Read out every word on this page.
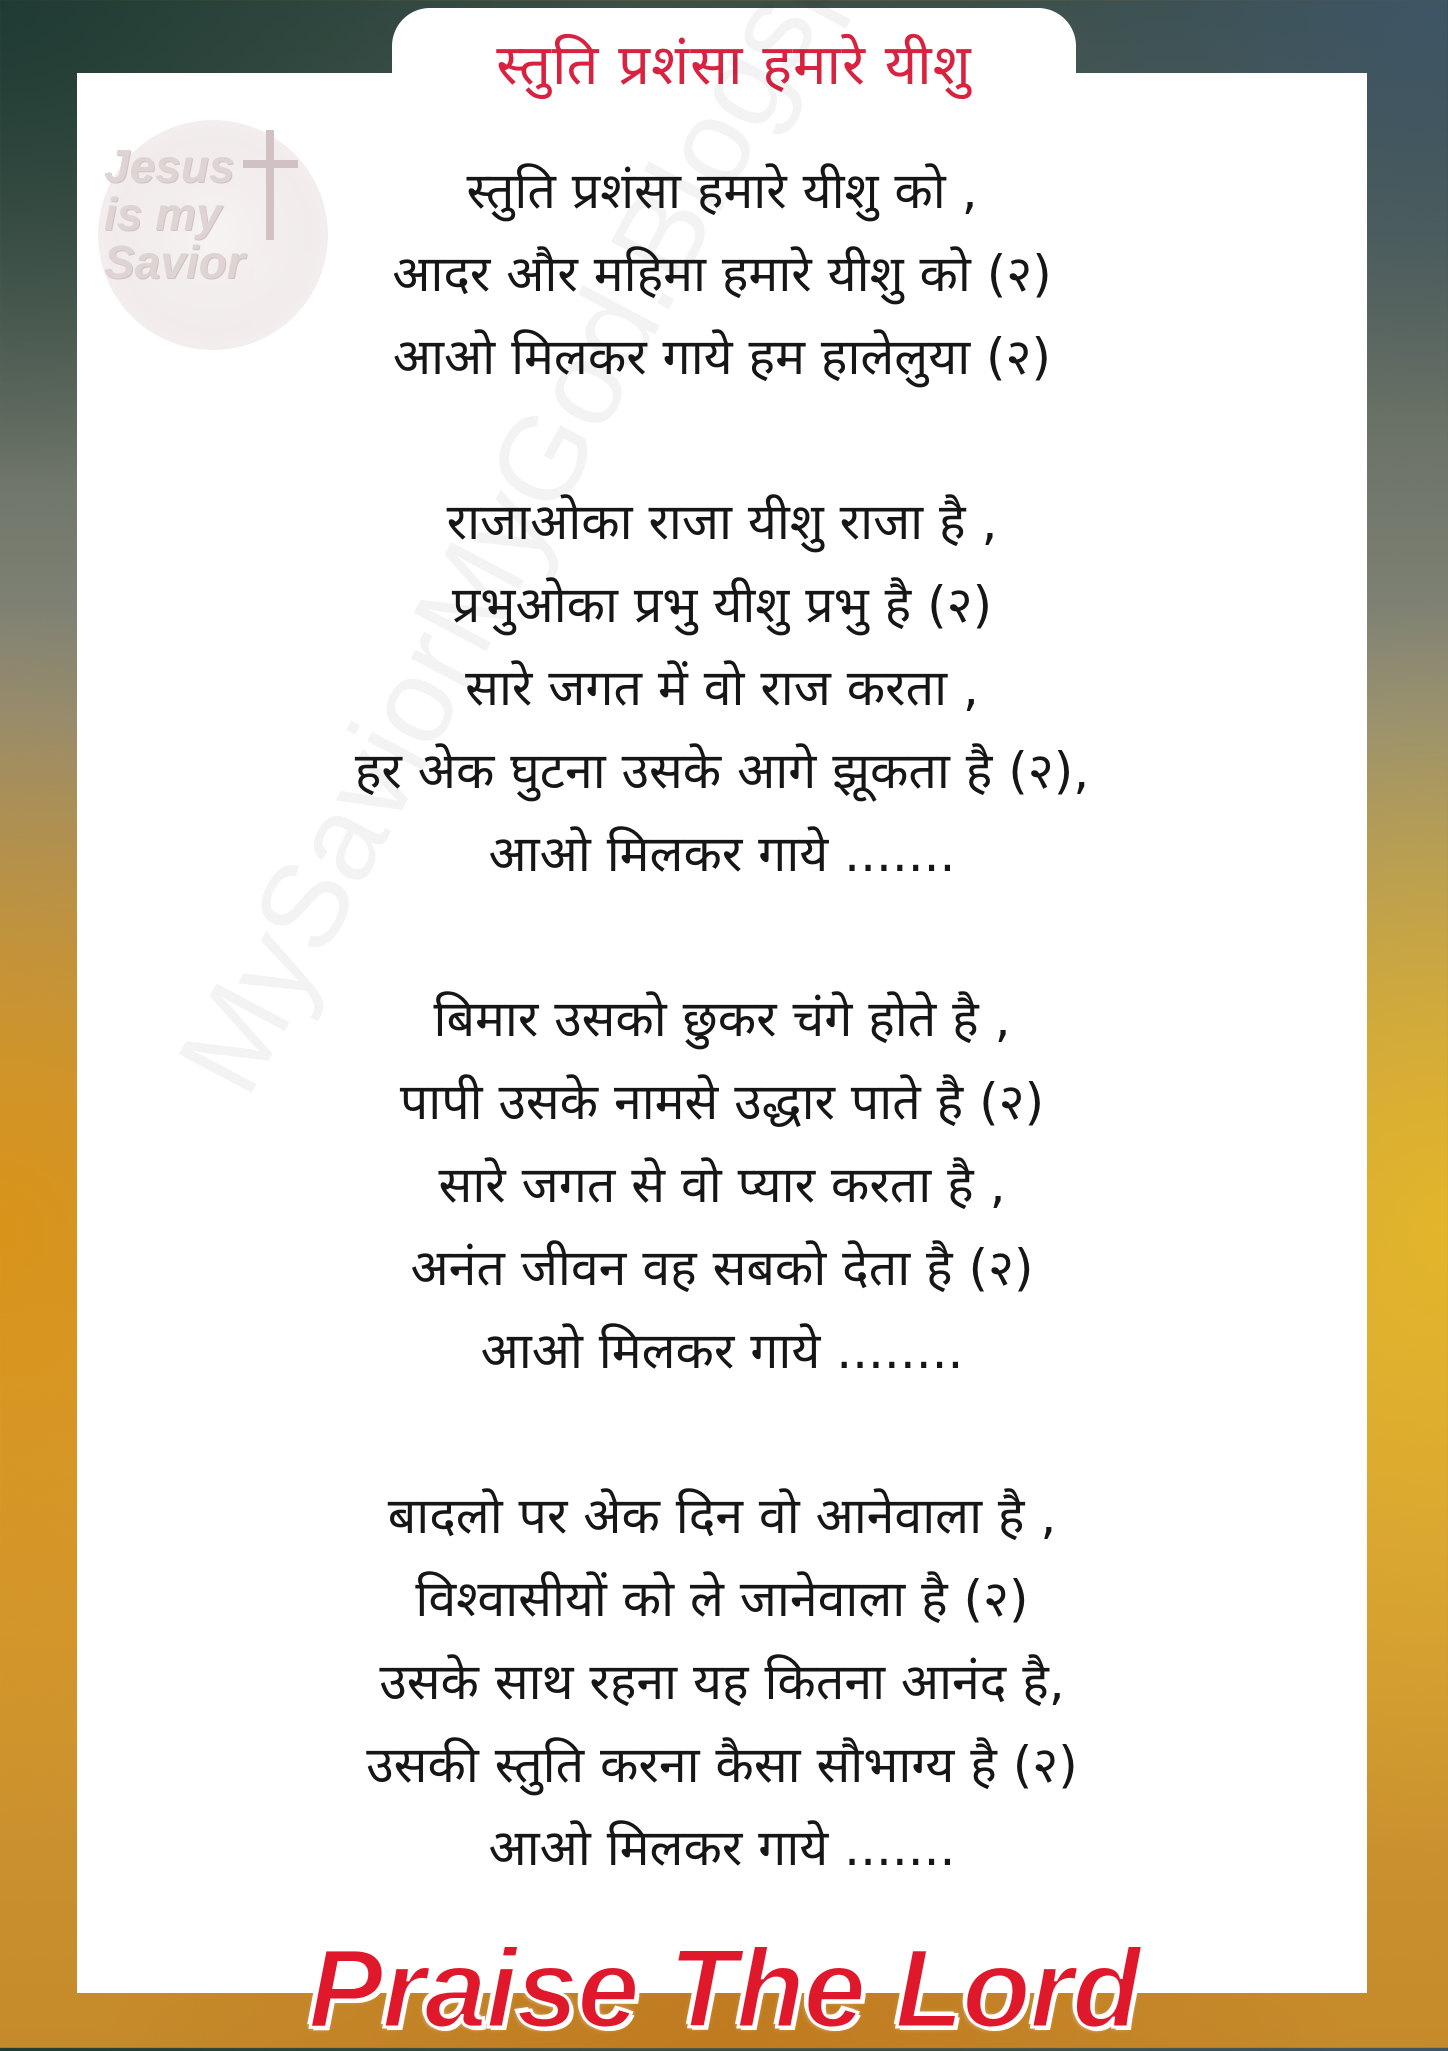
स्तुति प्रशंसा हमारे यीशु
Jesus
is my
Savior
स्तुति प्रशंसा हमारे यीशु को ,
आदर और महिमा हमारे यीशु को (२)
आओ मिलकर गाये हम हालेलुया (२)
राजाओका राजा यीशु राजा है ,
प्रभुओका प्रभु यीशु प्रभु है (२)
सारे जगत में वो राज करता ,
हर अेक घुटना उसके आगे झूकता है (२),
आओ मिलकर गाये .......
बिमार उसको छुकर चंगे होते है ,
पापी उसके नामसे उद्धार पाते है (२)
सारे जगत से वो प्यार करता है ,
अनंत जीवन वह सबको देता है (२)
आओ मिलकर गाये ........
बादलो पर अेक दिन वो आनेवाला है ,
विश्वासीयों को ले जानेवाला है (२)
उसके साथ रहना यह कितना आनंद है,
उसकी स्तुति करना कैसा सौभाग्य है (२)
आओ मिलकर गाये .......
Praise The Lord
